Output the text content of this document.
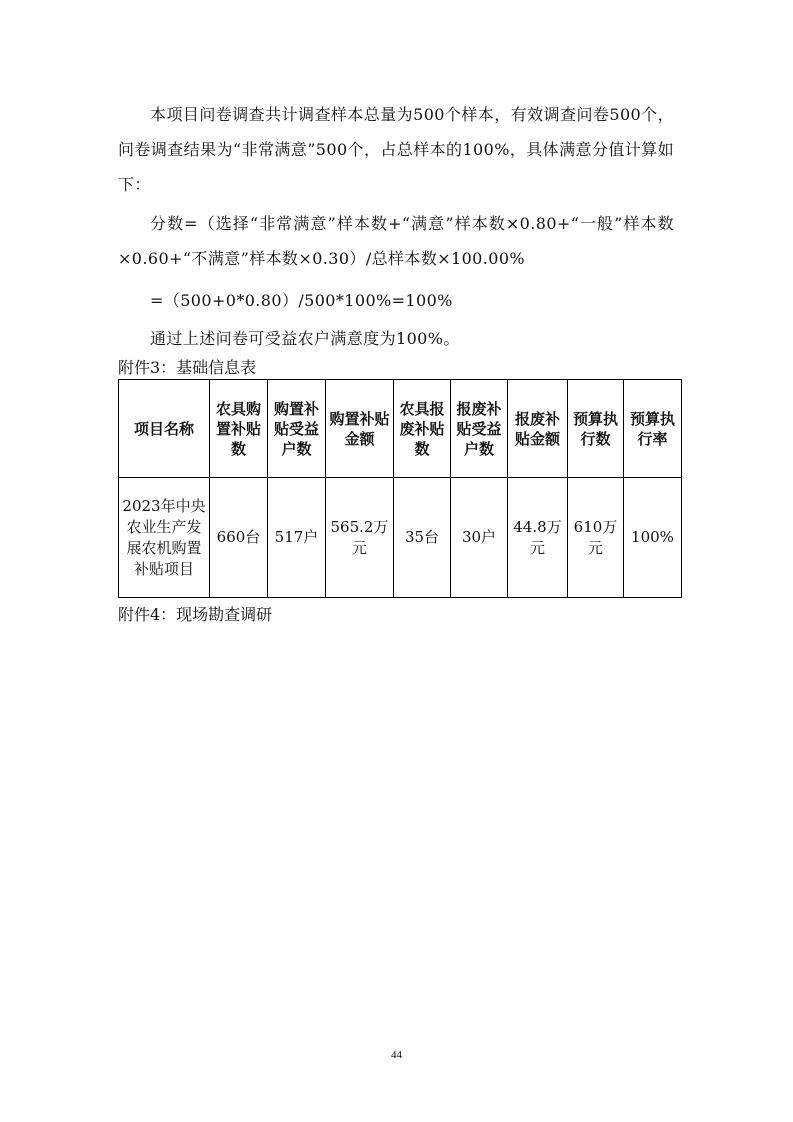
本项目问卷调查共计调查样本总量为500个样本，有效调查问卷500个，问卷调查结果为“非常满意”500个，占总样本的100%，具体满意分值计算如下：

分数=（选择“非常满意”样本数+“满意”样本数×0.80+“一般”样本数×0.60+“不满意”样本数×0.30）/总样本数×100.00%

=（500+0*0.80）/500*100%=100%

通过上述问卷可受益农户满意度为100%。

附件3：基础信息表

项目名称	农具购置补贴数	购置补贴受益户数	购置补贴金额	农具报废补贴数	报废补贴受益户数	报废补贴金额	预算执行数	预算执行率
2023年中央农业生产发展农机购置补贴项目	660台	517户	565.2万元	35台	30户	44.8万元	610万元	100%

附件4：现场勘查调研

44
